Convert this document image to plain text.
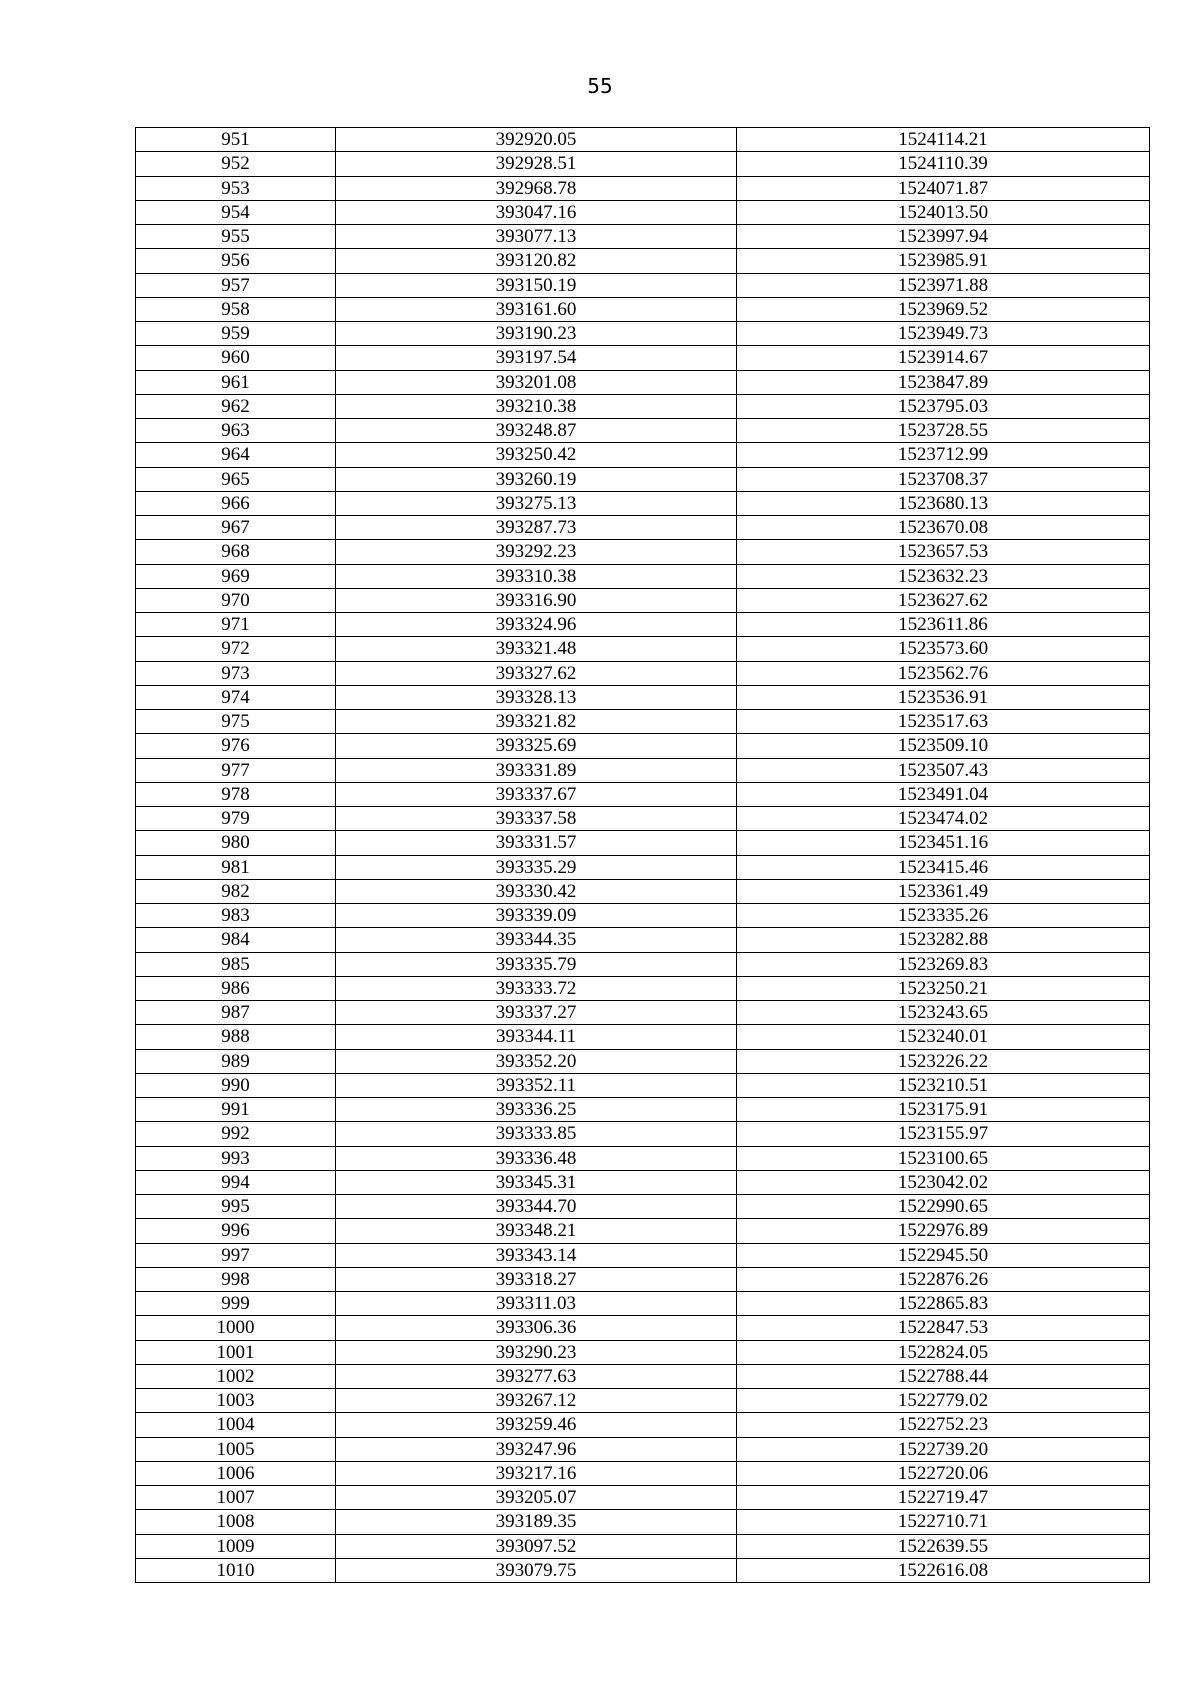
55
951	392920.05	1524114.21
952	392928.51	1524110.39
953	392968.78	1524071.87
954	393047.16	1524013.50
955	393077.13	1523997.94
956	393120.82	1523985.91
957	393150.19	1523971.88
958	393161.60	1523969.52
959	393190.23	1523949.73
960	393197.54	1523914.67
961	393201.08	1523847.89
962	393210.38	1523795.03
963	393248.87	1523728.55
964	393250.42	1523712.99
965	393260.19	1523708.37
966	393275.13	1523680.13
967	393287.73	1523670.08
968	393292.23	1523657.53
969	393310.38	1523632.23
970	393316.90	1523627.62
971	393324.96	1523611.86
972	393321.48	1523573.60
973	393327.62	1523562.76
974	393328.13	1523536.91
975	393321.82	1523517.63
976	393325.69	1523509.10
977	393331.89	1523507.43
978	393337.67	1523491.04
979	393337.58	1523474.02
980	393331.57	1523451.16
981	393335.29	1523415.46
982	393330.42	1523361.49
983	393339.09	1523335.26
984	393344.35	1523282.88
985	393335.79	1523269.83
986	393333.72	1523250.21
987	393337.27	1523243.65
988	393344.11	1523240.01
989	393352.20	1523226.22
990	393352.11	1523210.51
991	393336.25	1523175.91
992	393333.85	1523155.97
993	393336.48	1523100.65
994	393345.31	1523042.02
995	393344.70	1522990.65
996	393348.21	1522976.89
997	393343.14	1522945.50
998	393318.27	1522876.26
999	393311.03	1522865.83
1000	393306.36	1522847.53
1001	393290.23	1522824.05
1002	393277.63	1522788.44
1003	393267.12	1522779.02
1004	393259.46	1522752.23
1005	393247.96	1522739.20
1006	393217.16	1522720.06
1007	393205.07	1522719.47
1008	393189.35	1522710.71
1009	393097.52	1522639.55
1010	393079.75	1522616.08
